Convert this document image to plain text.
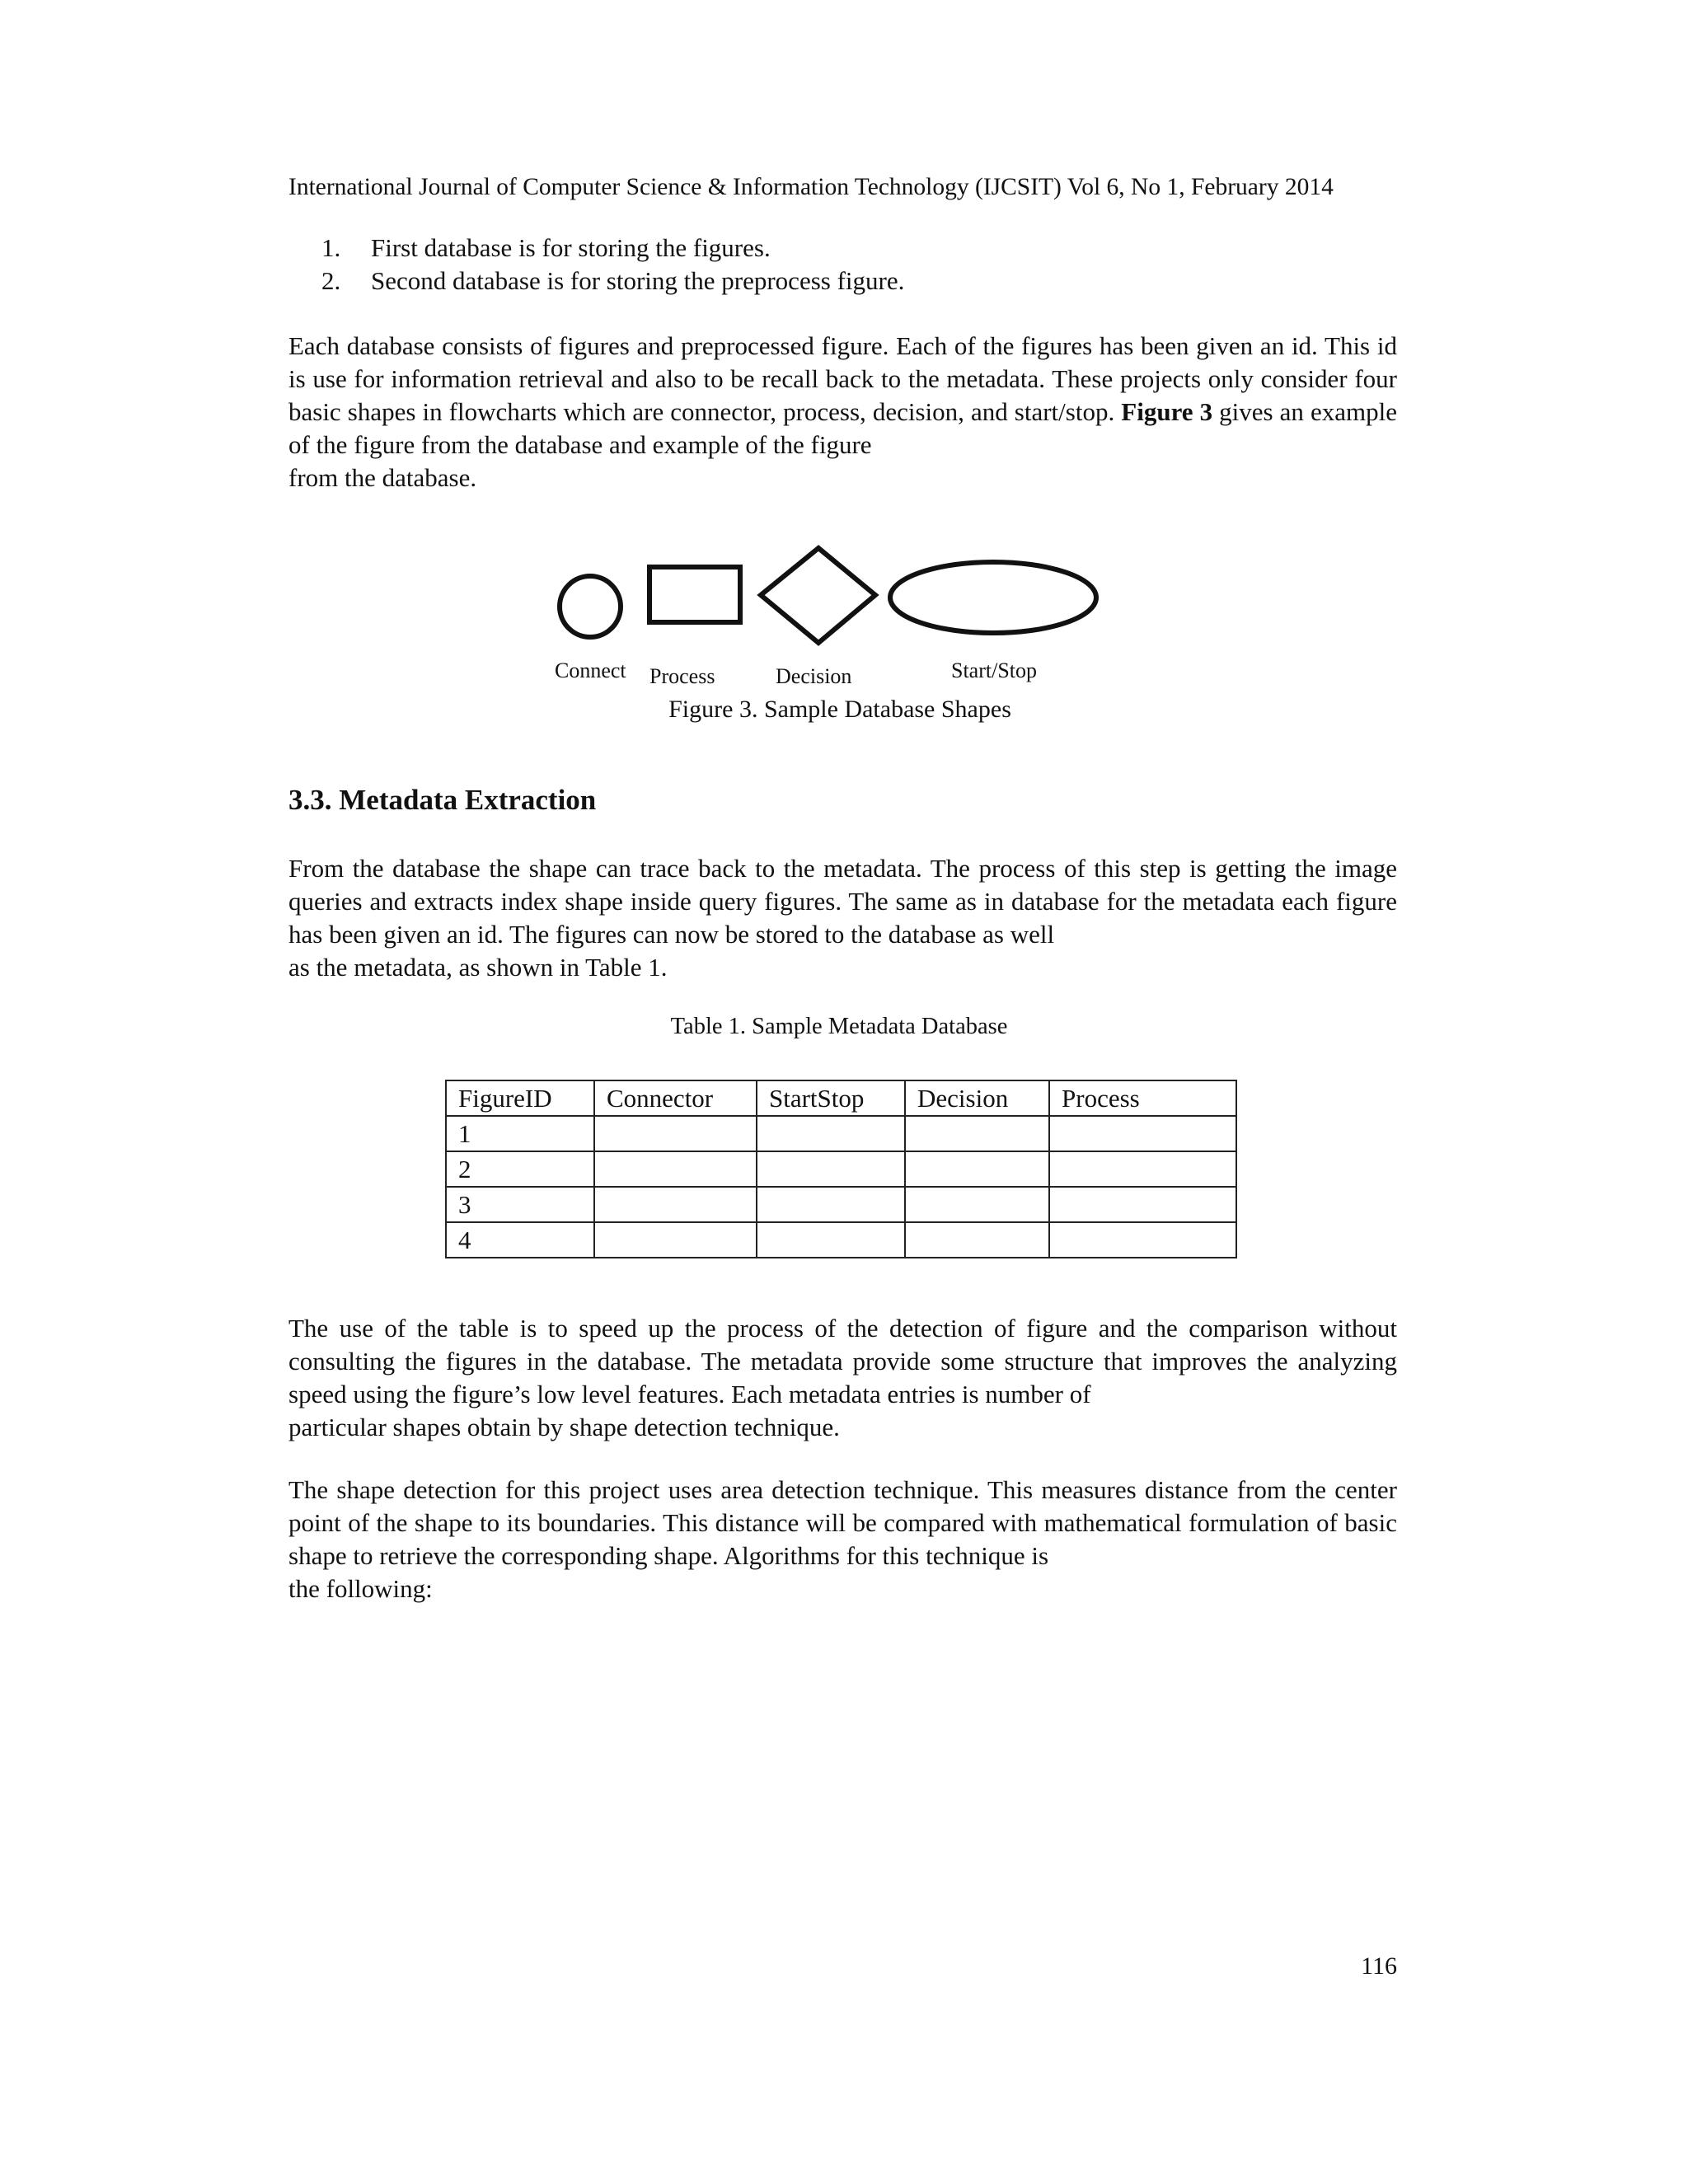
International Journal of Computer Science & Information Technology (IJCSIT) Vol 6, No 1, February 2014
1.	First database is for storing the figures.
2.	Second database is for storing the preprocess figure.

Each database consists of figures and preprocessed figure. Each of the figures has been given an id. This id is use for information retrieval and also to be recall back to the metadata. These projects only consider four basic shapes in flowcharts which are connector, process, decision, and start/stop. Figure 3 gives an example of the figure from the database and example of the figure
from the database.

Connect Process	Decision	Start/Stop
Figure 3. Sample Database Shapes
3.3. Metadata Extraction

From the database the shape can trace back to the metadata. The process of this step is getting the image queries and extracts index shape inside query figures. The same as in database for the metadata each figure has been given an id. The figures can now be stored to the database as well
as the metadata, as shown in Table 1.

Table 1. Sample Metadata Database
FigureID	Connector	StartStop	Decision	Process
1				
2				
3				
4				

The use of the table is to speed up the process of the detection of figure and the comparison without consulting the figures in the database. The metadata provide some structure that improves the analyzing speed using the figure’s low level features. Each metadata entries is number of
particular shapes obtain by shape detection technique.

The shape detection for this project uses area detection technique. This measures distance from the center point of the shape to its boundaries. This distance will be compared with mathematical formulation of basic shape to retrieve the corresponding shape. Algorithms for this technique is
the following:

116
